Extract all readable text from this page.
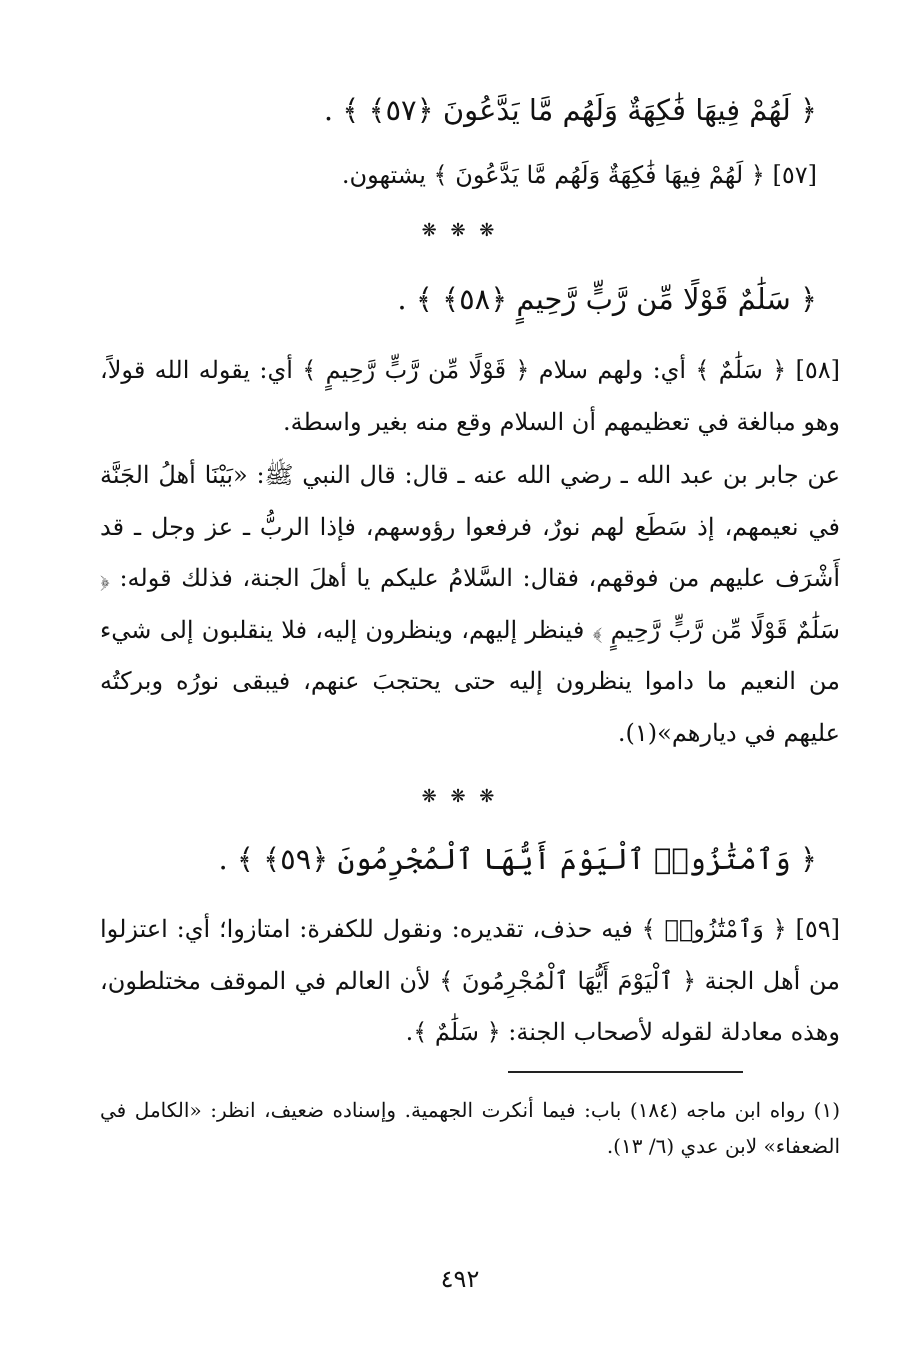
﴿ لَهُمْ فِيهَا فَٰكِهَةٌ وَلَهُم مَّا يَدَّعُونَ ﴿٥٧﴾ ﴾ .
[٥٧] ﴿ لَهُمْ فِيهَا فَٰكِهَةٌ وَلَهُم مَّا يَدَّعُونَ ﴾ يشتهون.
❋ ❋ ❋
﴿ سَلَٰمٌ قَوْلًا مِّن رَّبٍّ رَّحِيمٍ ﴿٥٨﴾ ﴾ .
[٥٨] ﴿ سَلَٰمٌ ﴾ أي: ولهم سلام ﴿ قَوْلًا مِّن رَّبٍّ رَّحِيمٍ ﴾ أي: يقوله الله قولاً، وهو مبالغة في تعظيمهم أن السلام وقع منه بغير واسطة.
عن جابر بن عبد الله ـ رضي الله عنه ـ قال: قال النبي ﷺ: «بَيْنَا أهلُ الجَنَّة في نعيمهم، إذ سَطَع لهم نورٌ، فرفعوا رؤوسهم، فإذا الربُّ ـ عز وجل ـ قد أَشْرَف عليهم من فوقهم، فقال: السَّلامُ عليكم يا أهلَ الجنة، فذلك قوله: ﴿ سَلَٰمٌ قَوْلًا مِّن رَّبٍّ رَّحِيمٍ ﴾ فينظر إليهم، وينظرون إليه، فلا ينقلبون إلى شيء من النعيم ما داموا ينظرون إليه حتى يحتجبَ عنهم، فيبقى نورُه وبركتُه عليهم في ديارهم»(١).
❋ ❋ ❋
﴿ وَٱمْتَٰزُوا۟ ٱلْيَوْمَ أَيُّهَا ٱلْمُجْرِمُونَ ﴿٥٩﴾ ﴾ .
[٥٩] ﴿ وَٱمْتَٰزُوا۟ ﴾ فيه حذف، تقديره: ونقول للكفرة: امتازوا؛ أي: اعتزلوا من أهل الجنة ﴿ ٱلْيَوْمَ أَيُّهَا ٱلْمُجْرِمُونَ ﴾ لأن العالم في الموقف مختلطون، وهذه معادلة لقوله لأصحاب الجنة: ﴿ سَلَٰمٌ ﴾.
(١) رواه ابن ماجه (١٨٤) باب: فيما أنكرت الجهمية. وإسناده ضعيف، انظر: «الكامل في الضعفاء» لابن عدي (٦/ ١٣).
٤٩٢
